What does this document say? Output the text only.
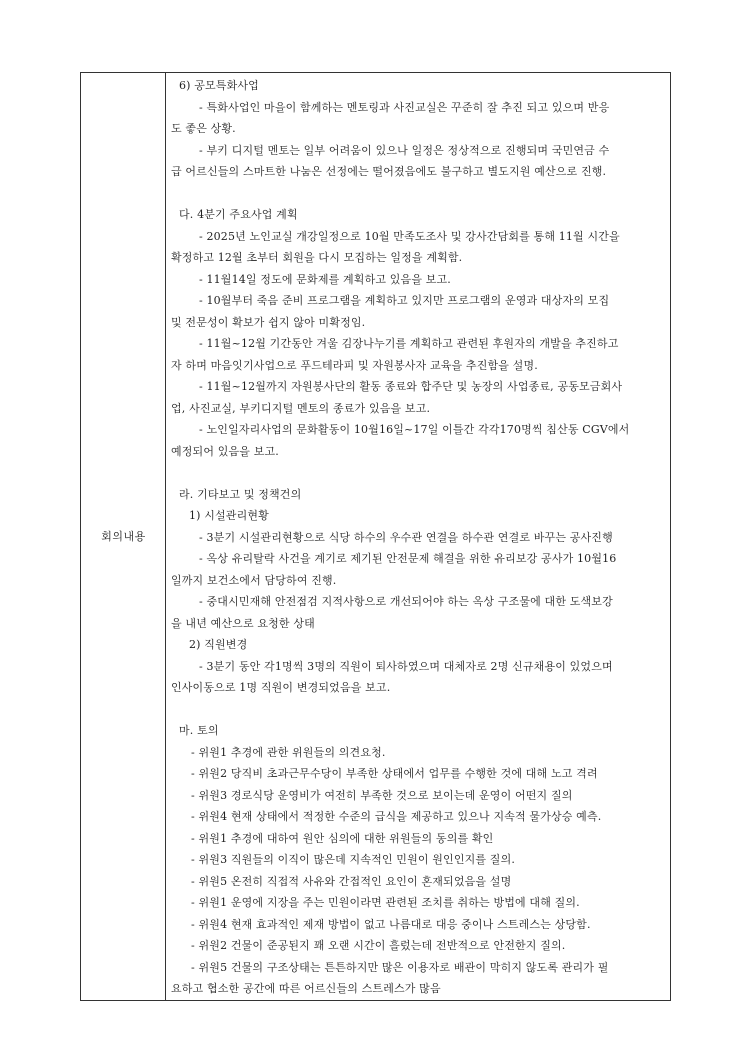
회의내용
6) 공모특화사업
- 특화사업인 마을이 함께하는 멘토링과 사진교실은 꾸준히 잘 추진 되고 있으며 반응
도 좋은 상황.
- 부키 디지털 멘토는 일부 어려움이 있으나 일정은 정상적으로 진행되며 국민연금 수
급 어르신들의 스마트한 나눔은 선정에는 떨어졌음에도 불구하고 별도지원 예산으로 진행.
다. 4분기 주요사업 계획
- 2025년 노인교실 개강일정으로 10월 만족도조사 및 강사간담회를 통해 11월 시간을
확정하고 12월 초부터 회원을 다시 모집하는 일정을 계획함.
- 11월14일 정도에 문화제를 계획하고 있음을 보고.
- 10월부터 죽음 준비 프로그램을 계획하고 있지만 프로그램의 운영과 대상자의 모집
및 전문성이 확보가 쉽지 않아 미확정임.
- 11월~12월 기간동안 겨울 김장나누기를 계획하고 관련된 후원자의 개발을 추진하고
자 하며 마음잇기사업으로 푸드테라피 및 자원봉사자 교육을 추진함을 설명.
- 11월~12월까지 자원봉사단의 활동 종료와 합주단 및 농장의 사업종료, 공동모금회사
업, 사진교실, 부키디지털 멘토의 종료가 있음을 보고.
- 노인일자리사업의 문화활동이 10월16일~17일 이틀간 각각170명씩 침산동 CGV에서
예정되어 있음을 보고.
라. 기타보고 및 정책건의
1) 시설관리현황
- 3분기 시설관리현황으로 식당 하수의 우수관 연결을 하수관 연결로 바꾸는 공사진행
- 옥상 유리탈락 사건을 계기로 제기된 안전문제 해결을 위한 유리보강 공사가 10월16
일까지 보건소에서 담당하여 진행.
- 중대시민재해 안전점검 지적사항으로 개선되어야 하는 옥상 구조물에 대한 도색보강
을 내년 예산으로 요청한 상태
2) 직원변경
- 3분기 동안 각1명씩 3명의 직원이 퇴사하였으며 대체자로 2명 신규채용이 있었으며
인사이동으로 1명 직원이 변경되었음을 보고.
마. 토의
- 위원1 추경에 관한 위원들의 의견요청.
- 위원2 당직비 초과근무수당이 부족한 상태에서 업무를 수행한 것에 대해 노고 격려
- 위원3 경로식당 운영비가 여전히 부족한 것으로 보이는데 운영이 어떤지 질의
- 위원4 현재 상태에서 적정한 수준의 급식을 제공하고 있으나 지속적 물가상승 예측.
- 위원1 추경에 대하여 원안 심의에 대한 위원들의 동의를 확인
- 위원3 직원들의 이직이 많은데 지속적인 민원이 원인인지를 질의.
- 위원5 온전히 직접적 사유와 간접적인 요인이 혼재되었음을 설명
- 위원1 운영에 지장을 주는 민원이라면 관련된 조치를 취하는 방법에 대해 질의.
- 위원4 현재 효과적인 제재 방법이 없고 나름대로 대응 중이나 스트레스는 상당함.
- 위원2 건물이 준공된지 꽤 오랜 시간이 흘렀는데 전반적으로 안전한지 질의.
- 위원5 건물의 구조상태는 튼튼하지만 많은 이용자로 배관이 막히지 않도록 관리가 필
요하고 협소한 공간에 따른 어르신들의 스트레스가 많음
